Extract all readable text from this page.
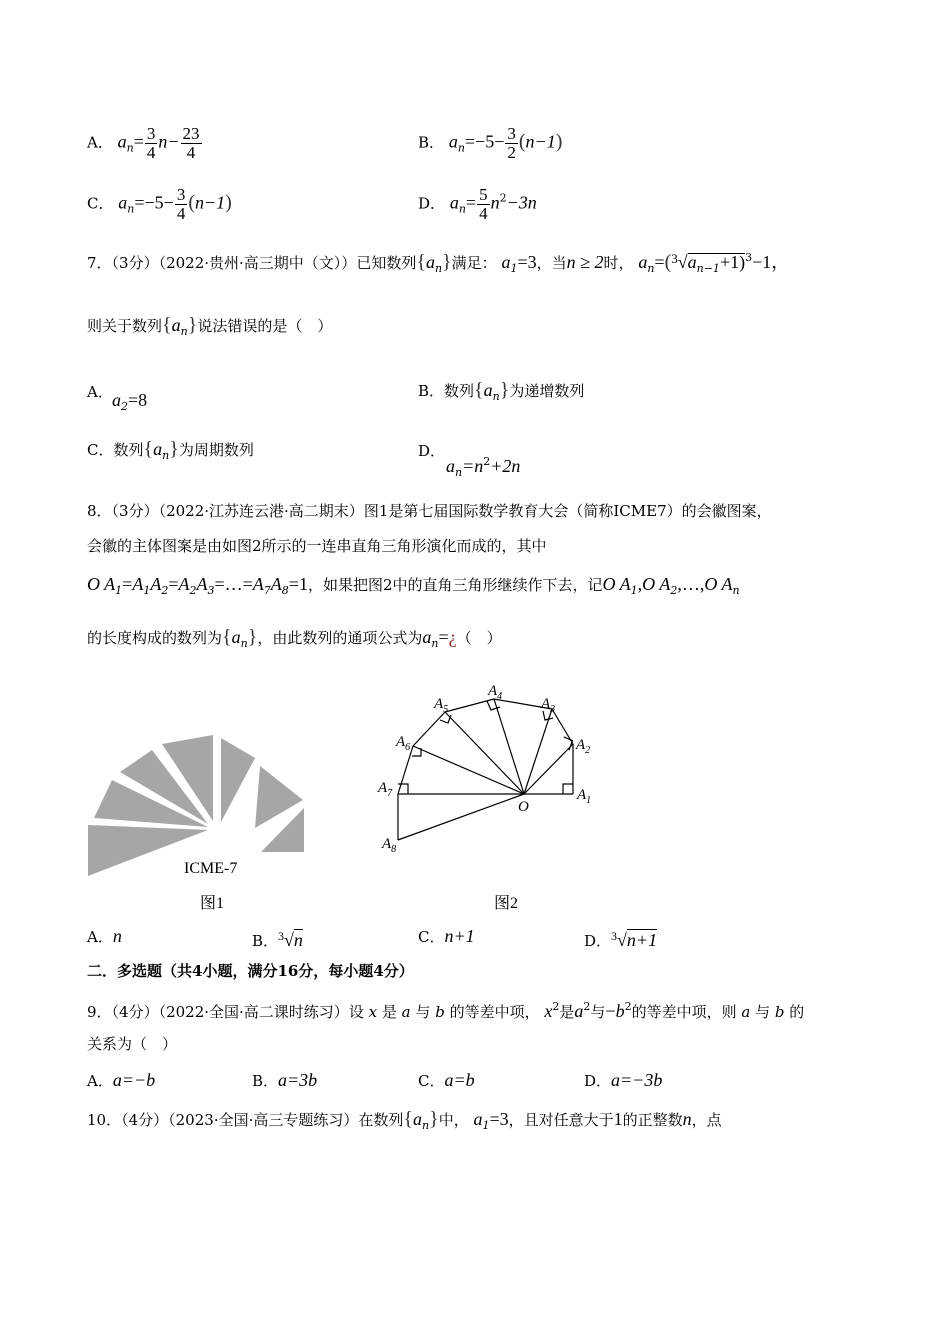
A． $a_n= \frac{3}{4} n- \frac{23}{4}$	B． $a_n=-5- \frac{3}{2} (n-1)$
C． $a_n=-5- \frac{3}{4} (n-1)$	D． $a_n= \frac{5}{4} n^2-3n$
7．（3分）（2022·贵州·高三期中（文））已知数列$\{a_n\}$满足： $a_1=3$，当n ≥ 2时， $a_n=(3√a_{n-1}+1)^3-1$，
则关于数列$\{a_n\}$说法错误的是（　）
A． $a_2=8$	B．数列$\{a_n\}$为递增数列
C．数列$\{a_n\}$为周期数列	D．
$a_n=n^2+2n$
8．（3分）（2022·江苏连云港·高二期末）图1是第七届国际数学教育大会（简称ICME7）的会徽图案，
会徽的主体图案是由如图2所示的一连串直角三角形演化而成的，其中
O $A_1=A_1A_2=A_2A_3=\dots=A_7A_8=1$，如果把图2中的直角三角形继续作下去，记O $A_1,O$ $A_2,\dots,O$ $A_n$
的长度构成的数列为$\{a_n\}$，由此数列的通项公式为$a_n=¿$（　）
ICME-7
图1
O
$A_1$
$A_2$
$A_3$
$A_4$
$A_5$
$A_6$
$A_7$
$A_8$
图2
A．n	B．$^3$√n	C．n+1	D．$^3$√n+1
二．多选题（共4小题，满分16分，每小题4分）
9．（4分）（2022·全国·高二课时练习）设 x 是 a 与 b 的等差中项， $x^2$是$a^2$与$-b^2$的等差中项，则 a 与 b 的
关系为（　）
A．a=−b	B．a=3b	C．a=b	D．a=−3b
10．（4分）（2023·全国·高三专题练习）在数列$\{a_n\}$中， $a_1=3$，且对任意大于1的正整数n，点
